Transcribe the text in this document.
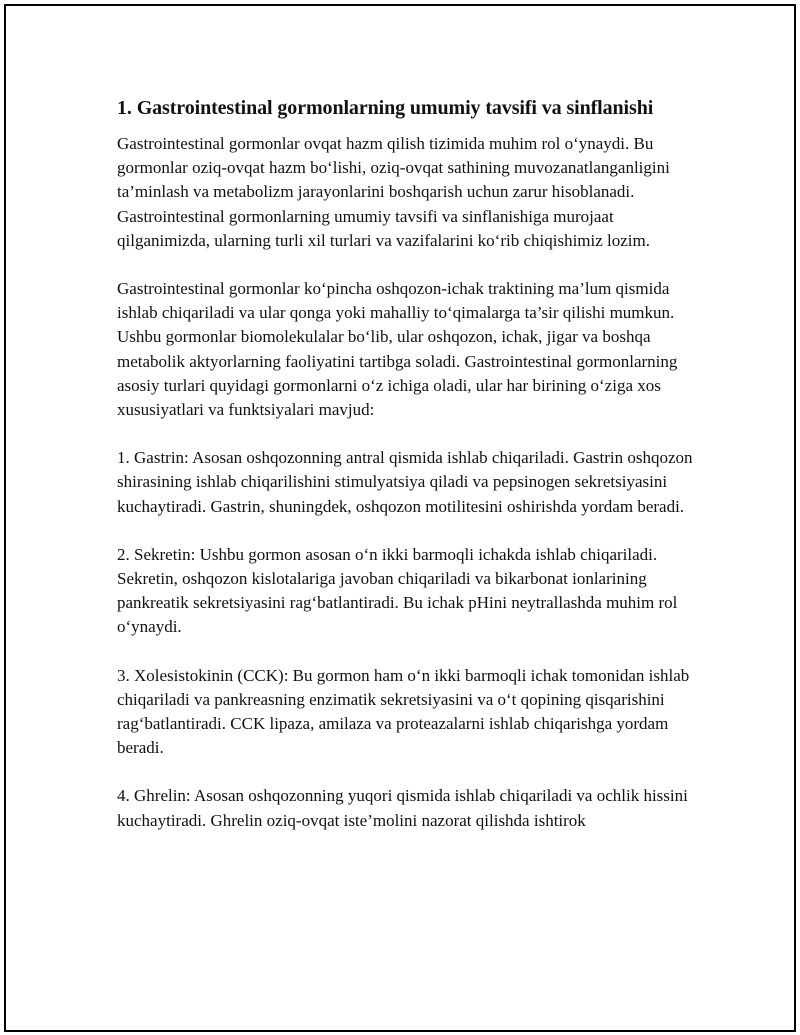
1. Gastrointestinal gormonlarning umumiy tavsifi va sinflanishi

Gastrointestinal gormonlar ovqat hazm qilish tizimida muhim rol o‘ynaydi. Bu gormonlar oziq-ovqat hazm bo‘lishi, oziq-ovqat sathining muvozanatlanganligini ta’minlash va metabolizm jarayonlarini boshqarish uchun zarur hisoblanadi. Gastrointestinal gormonlarning umumiy tavsifi va sinflanishiga murojaat qilganimizda, ularning turli xil turlari va vazifalarini ko‘rib chiqishimiz lozim.

Gastrointestinal gormonlar ko‘pincha oshqozon-ichak traktining ma’lum qismida ishlab chiqariladi va ular qonga yoki mahalliy to‘qimalarga ta’sir qilishi mumkun. Ushbu gormonlar biomolekulalar bo‘lib, ular oshqozon, ichak, jigar va boshqa metabolik aktyorlarning faoliyatini tartibga soladi. Gastrointestinal gormonlarning asosiy turlari quyidagi gormonlarni o‘z ichiga oladi, ular har birining o‘ziga xos xususiyatlari va funktsiyalari mavjud:

1. Gastrin: Asosan oshqozonning antral qismida ishlab chiqariladi. Gastrin oshqozon shirasining ishlab chiqarilishini stimulyatsiya qiladi va pepsinogen sekretsiyasini kuchaytiradi. Gastrin, shuningdek, oshqozon motilitesini oshirishda yordam beradi.

2. Sekretin: Ushbu gormon asosan o‘n ikki barmoqli ichakda ishlab chiqariladi. Sekretin, oshqozon kislotalariga javoban chiqariladi va bikarbonat ionlarining pankreatik sekretsiyasini rag‘batlantiradi. Bu ichak pHini neytrallashda muhim rol o‘ynaydi.

3. Xolesistokinin (CCK): Bu gormon ham o‘n ikki barmoqli ichak tomonidan ishlab chiqariladi va pankreasning enzimatik sekretsiyasini va o‘t qopining qisqarishini rag‘batlantiradi. CCK lipaza, amilaza va proteazalarni ishlab chiqarishga yordam beradi.

4. Ghrelin: Asosan oshqozonning yuqori qismida ishlab chiqariladi va ochlik hissini kuchaytiradi. Ghrelin oziq-ovqat iste’molini nazorat qilishda ishtirok
